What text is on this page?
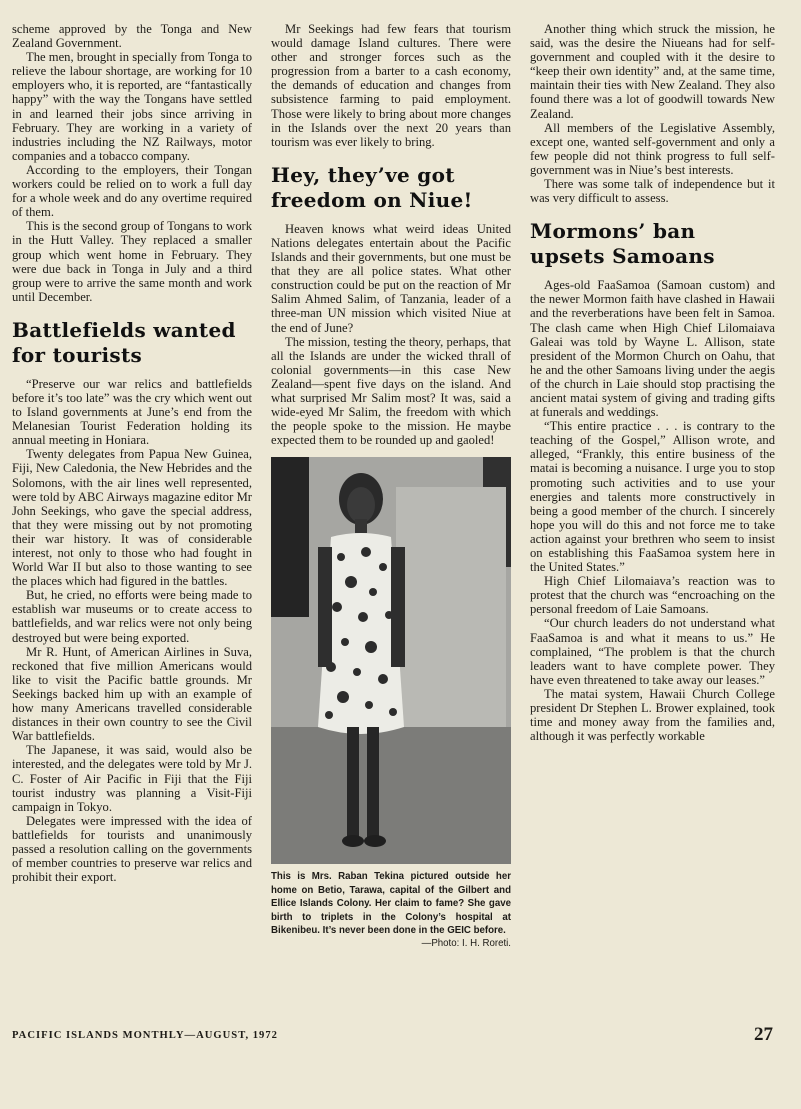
scheme approved by the Tonga and New Zealand Government.

The men, brought in specially from Tonga to relieve the labour shortage, are working for 10 employers who, it is reported, are “fantastically happy” with the way the Tongans have settled in and learned their jobs since arriving in February. They are working in a variety of industries including the NZ Railways, motor companies and a tobacco company.

According to the employers, their Tongan workers could be relied on to work a full day for a whole week and do any overtime required of them.

This is the second group of Tongans to work in the Hutt Valley. They replaced a smaller group which went home in February. They were due back in Tonga in July and a third group were to arrive the same month and work until December.

Battlefields wanted for tourists

“Preserve our war relics and battlefields before it’s too late” was the cry which went out to Island governments at June’s end from the Melanesian Tourist Federation holding its annual meeting in Honiara.

Twenty delegates from Papua New Guinea, Fiji, New Caledonia, the New Hebrides and the Solomons, with the air lines well represented, were told by ABC Airways magazine editor Mr John Seekings, who gave the special address, that they were missing out by not promoting their war history. It was of considerable interest, not only to those who had fought in World War II but also to those wanting to see the places which had figured in the battles.

But, he cried, no efforts were being made to establish war museums or to create access to battlefields, and war relics were not only being destroyed but were being exported.

Mr R. Hunt, of American Airlines in Suva, reckoned that five million Americans would like to visit the Pacific battle grounds. Mr Seekings backed him up with an example of how many Americans travelled considerable distances in their own country to see the Civil War battlefields.

The Japanese, it was said, would also be interested, and the delegates were told by Mr J. C. Foster of Air Pacific in Fiji that the Fiji tourist industry was planning a Visit-Fiji campaign in Tokyo.

Delegates were impressed with the idea of battlefields for tourists and unanimously passed a resolution calling on the governments of member countries to preserve war relics and prohibit their export.

Mr Seekings had few fears that tourism would damage Island cultures. There were other and stronger forces such as the progression from a barter to a cash economy, the demands of education and changes from subsistence farming to paid employment. Those were likely to bring about more changes in the Islands over the next 20 years than tourism was ever likely to bring.

Hey, they’ve got freedom on Niue!

Heaven knows what weird ideas United Nations delegates entertain about the Pacific Islands and their governments, but one must be that they are all police states. What other construction could be put on the reaction of Mr Salim Ahmed Salim, of Tanzania, leader of a three-man UN mission which visited Niue at the end of June?

The mission, testing the theory, perhaps, that all the Islands are under the wicked thrall of colonial governments—in this case New Zealand—spent five days on the island. And what surprised Mr Salim most? It was, said a wide-eyed Mr Salim, the freedom with which the people spoke to the mission. He maybe expected them to be rounded up and gaoled!

This is Mrs. Raban Tekina pictured outside her home on Betio, Tarawa, capital of the Gilbert and Ellice Islands Colony. Her claim to fame? She gave birth to triplets in the Colony’s hospital at Bikenibeu. It’s never been done in the GEIC before.
—Photo: I. H. Roreti.

Another thing which struck the mission, he said, was the desire the Niueans had for self-government and coupled with it the desire to “keep their own identity” and, at the same time, maintain their ties with New Zealand. They also found there was a lot of goodwill towards New Zealand.

All members of the Legislative Assembly, except one, wanted self-government and only a few people did not think progress to full self-government was in Niue’s best interests.

There was some talk of independence but it was very difficult to assess.

Mormons’ ban upsets Samoans

Ages-old FaaSamoa (Samoan custom) and the newer Mormon faith have clashed in Hawaii and the reverberations have been felt in Samoa. The clash came when High Chief Lilomaiava Galeai was told by Wayne L. Allison, state president of the Mormon Church on Oahu, that he and the other Samoans living under the aegis of the church in Laie should stop practising the ancient matai system of giving and trading gifts at funerals and weddings.

“This entire practice . . . is contrary to the teaching of the Gospel,” Allison wrote, and alleged, “Frankly, this entire business of the matai is becoming a nuisance. I urge you to stop promoting such activities and to use your energies and talents more constructively in being a good member of the church. I sincerely hope you will do this and not force me to take action against your brethren who seem to insist on establishing this FaaSamoa system here in the United States.”

High Chief Lilomaiava’s reaction was to protest that the church was “encroaching on the personal freedom of Laie Samoans.

“Our church leaders do not understand what FaaSamoa is and what it means to us.” He complained, “The problem is that the church leaders want to have complete power. They have even threatened to take away our leases.”

The matai system, Hawaii Church College president Dr Stephen L. Brower explained, took time and money away from the families and, although it was perfectly workable

PACIFIC ISLANDS MONTHLY—AUGUST, 1972	27
